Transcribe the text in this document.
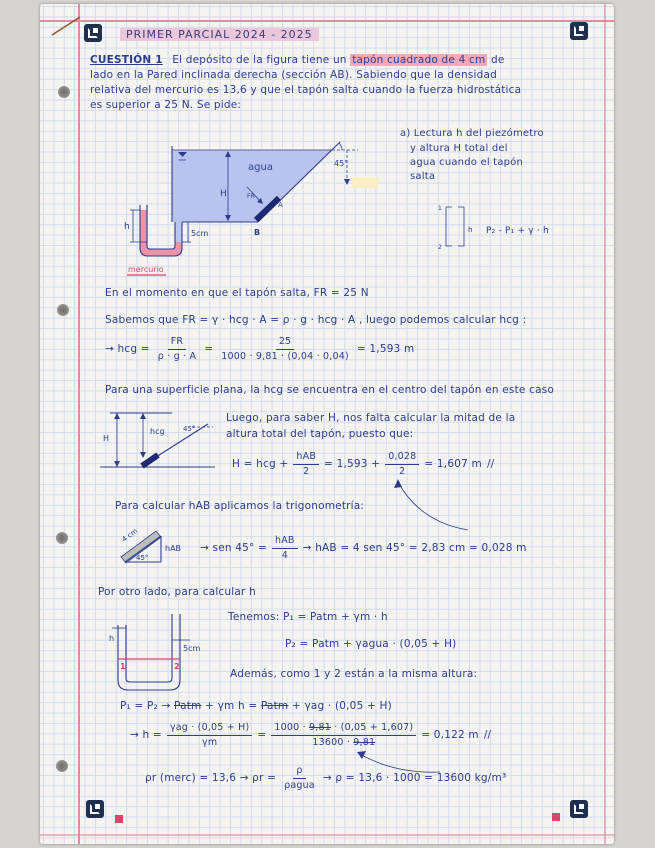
PRIMER PARCIAL 2024 - 2025
CUESTIÓN 1 El depósito de la figura tiene un tapón cuadrado de 4 cm de
lado en la Pared inclinada derecha (sección AB). Sabiendo que la densidad
relativa del mercurio es 13,6 y que el tapón salta cuando la fuerza hidrostática
es superior a 25 N. Se pide:
a) Lectura h del piezómetro
y altura H total del
agua cuando el tapón
salta
P₂ - P₁ + γ · h
En el momento en que el tapón salta, FR = 25 N
Sabemos que FR = γ · hcg · A = ρ · g · hcg · A , luego podemos calcular hcg :
→ hcg = $\frac{FR}{\rho \cdot g \cdot A} = \frac{25}{1000 \cdot 9,81 \cdot (0,04 \cdot 0,04)} = 1,593$ m
Para una superficie plana, la hcg se encuentra en el centro del tapón en este caso
Luego, para saber H, nos falta calcular la mitad de la
altura total del tapón, puesto que:
H = hcg + $\frac{\text{hAB}}{2} = 1,593 + \frac{0,028}{2} = 1,607$ m //
Para calcular hAB aplicamos la trigonometría:
→ sen $45^\circ = \frac{\text{hAB}}{4}$ → hAB = 4 sen 45° = 2,83 cm = 0,028 m
Por otro lado, para calcular h
Tenemos: P₁ = Patm + γm · h
P₂ = Patm + γagua · (0,05 + H)
Además, como 1 y 2 están a la misma altura:
P₁ = P₂ → Patm + γm h = Patm + γag · (0,05 + H)
→ $h = \frac{\text{γag · (0,05 + H)}}{\gamma m} = \frac{1000 \cdot 9,81 \cdot (0,05 + 1,607)}{13600 \cdot 9,81} = 0,122$ m //
ρr (merc) = $13,6 \to \rho r = \frac{\rho}{\text{ρagua}} \to \rho = 13,6 \cdot 1000 = 13600$ kg/m³
H
agua	45°
FR
A
B
h
5cm
mercurio
1
2
h
H
hcg	45°
4 cm
45°
hAB
h
5cm
1	2
